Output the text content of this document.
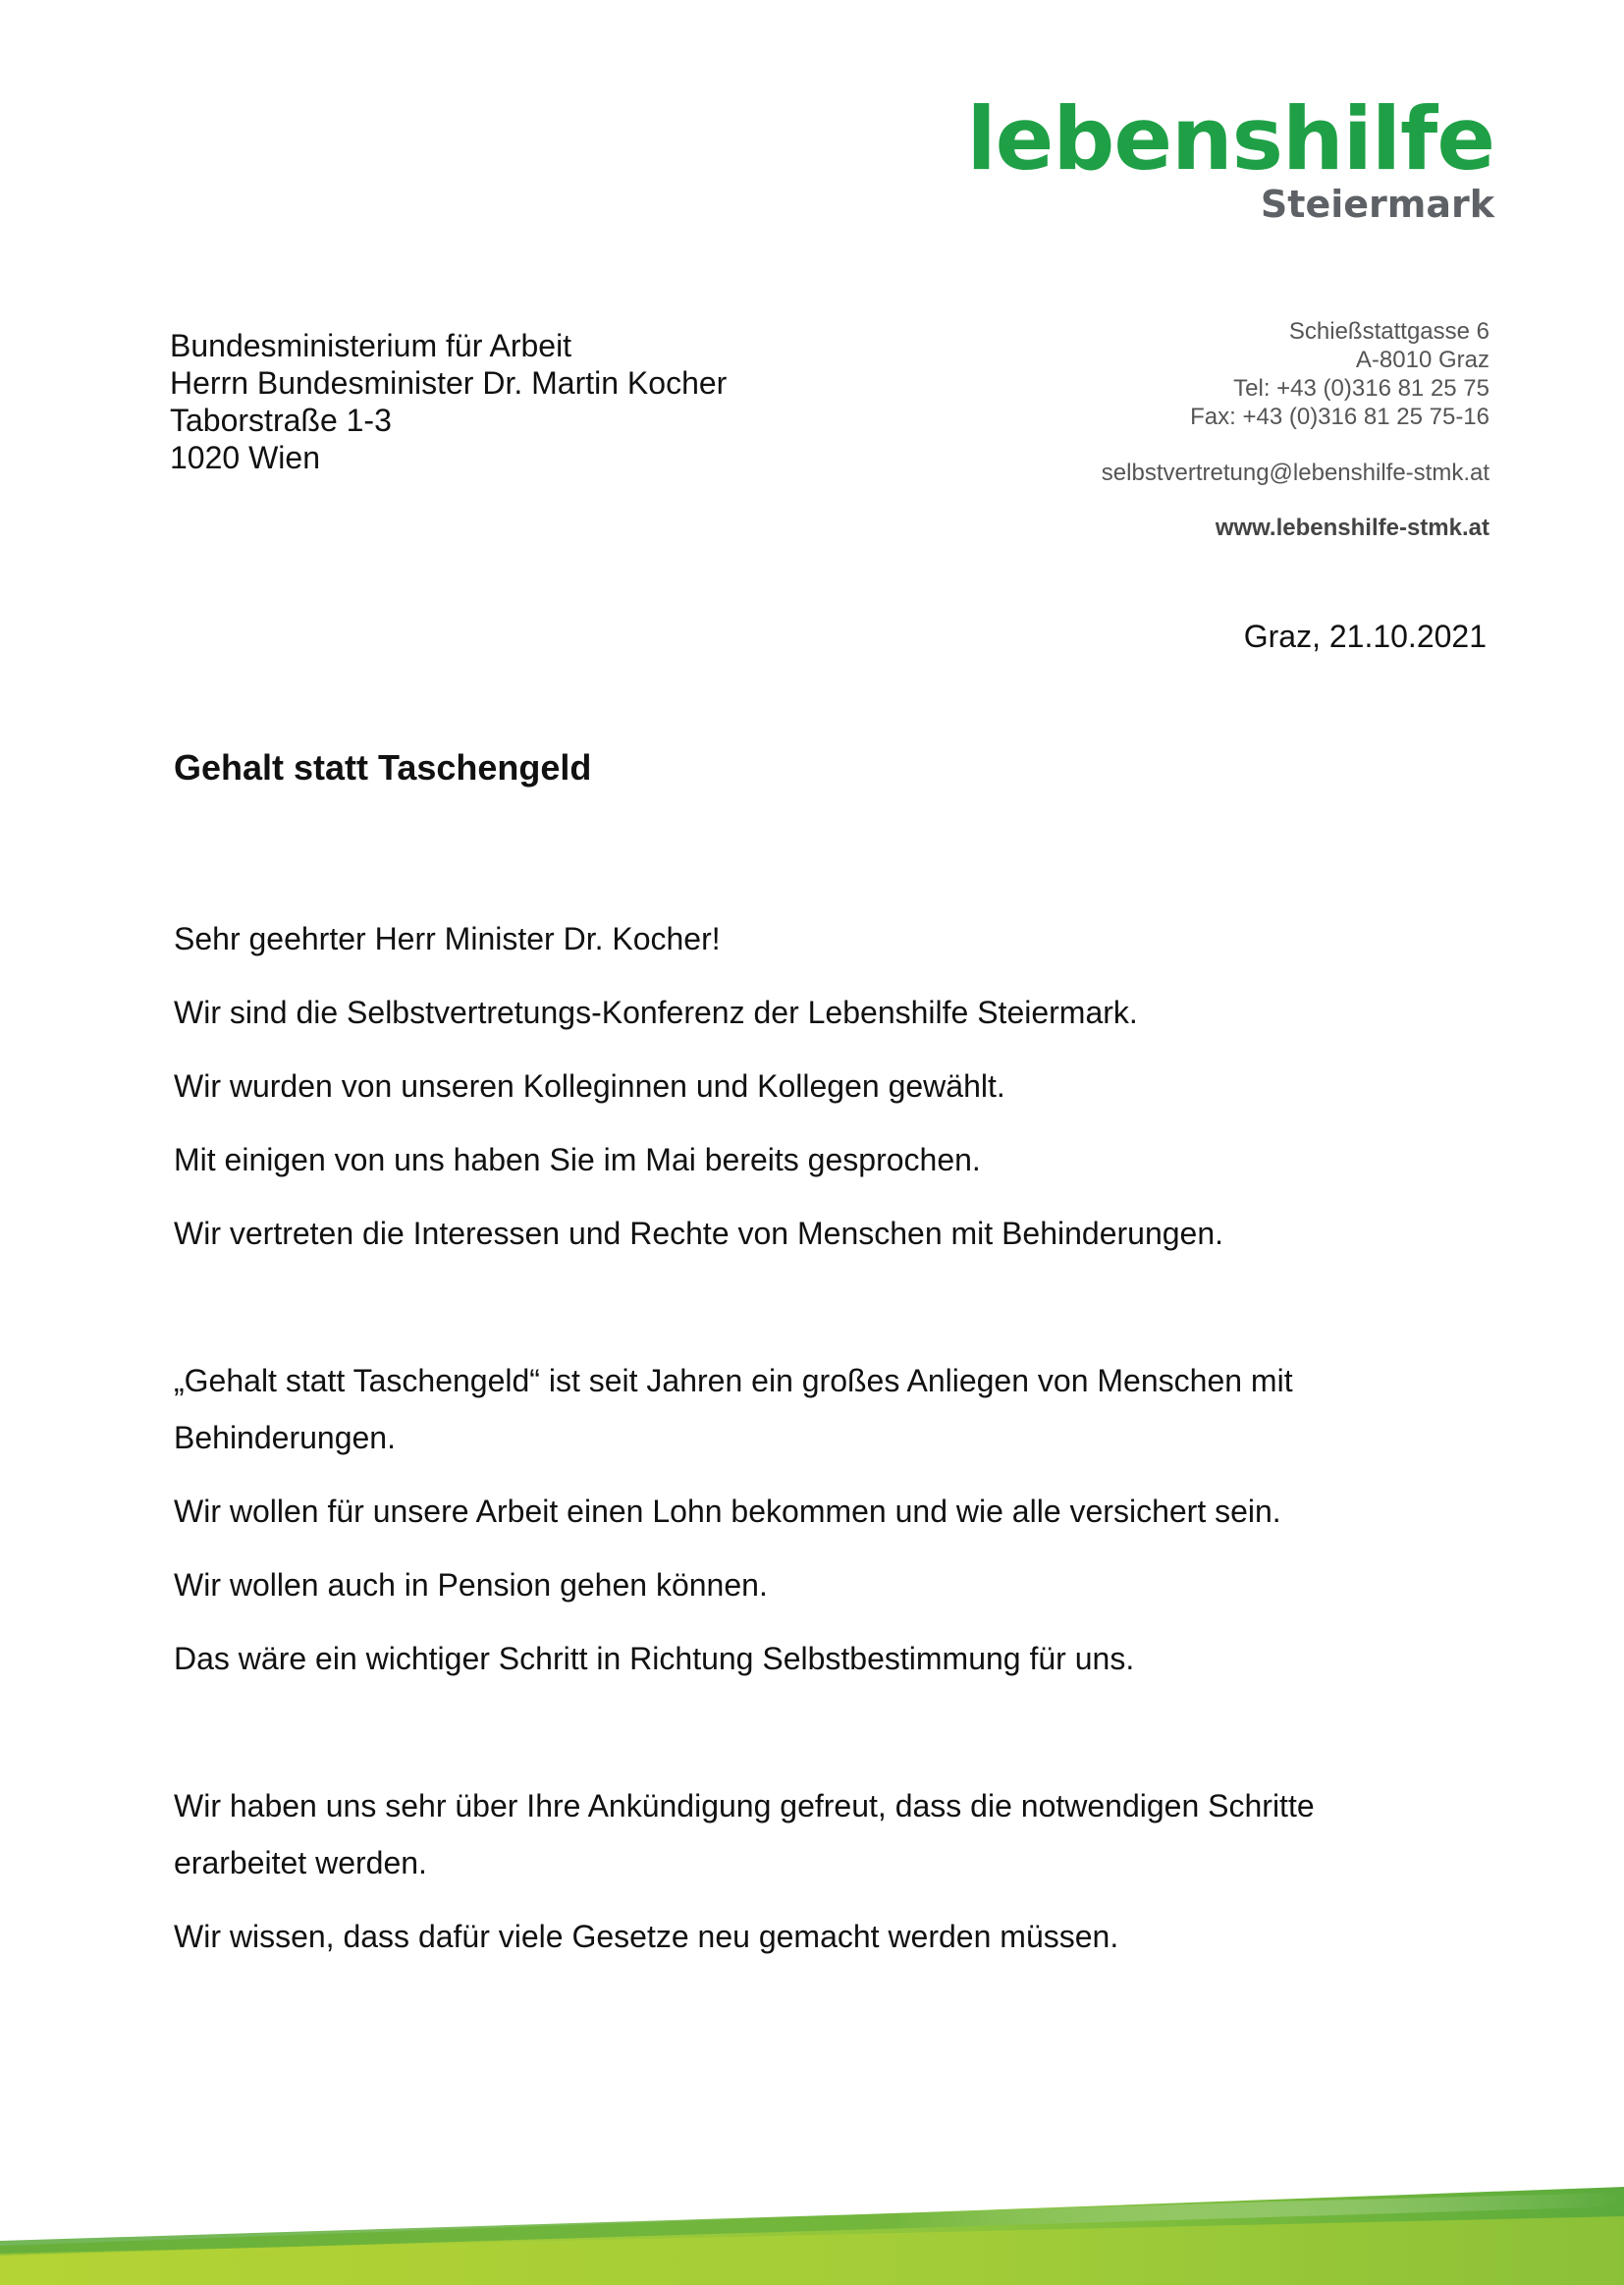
lebenshilfe
Steiermark
Bundesministerium für Arbeit
Herrn Bundesminister Dr. Martin Kocher
Taborstraße 1-3
1020 Wien
Schießstattgasse 6
A-8010 Graz
Tel: +43 (0)316 81 25 75
Fax: +43 (0)316 81 25 75-16
selbstvertretung@lebenshilfe-stmk.at
www.lebenshilfe-stmk.at
Graz, 21.10.2021
Gehalt statt Taschengeld

Sehr geehrter Herr Minister Dr. Kocher!

Wir sind die Selbstvertretungs-Konferenz der Lebenshilfe Steiermark.

Wir wurden von unseren Kolleginnen und Kollegen gewählt.

Mit einigen von uns haben Sie im Mai bereits gesprochen.

Wir vertreten die Interessen und Rechte von Menschen mit Behinderungen.

„Gehalt statt Taschengeld“ ist seit Jahren ein großes Anliegen von Menschen mit Behinderungen.

Wir wollen für unsere Arbeit einen Lohn bekommen und wie alle versichert sein.

Wir wollen auch in Pension gehen können.

Das wäre ein wichtiger Schritt in Richtung Selbstbestimmung für uns.

Wir haben uns sehr über Ihre Ankündigung gefreut, dass die notwendigen Schritte erarbeitet werden.

Wir wissen, dass dafür viele Gesetze neu gemacht werden müssen.
